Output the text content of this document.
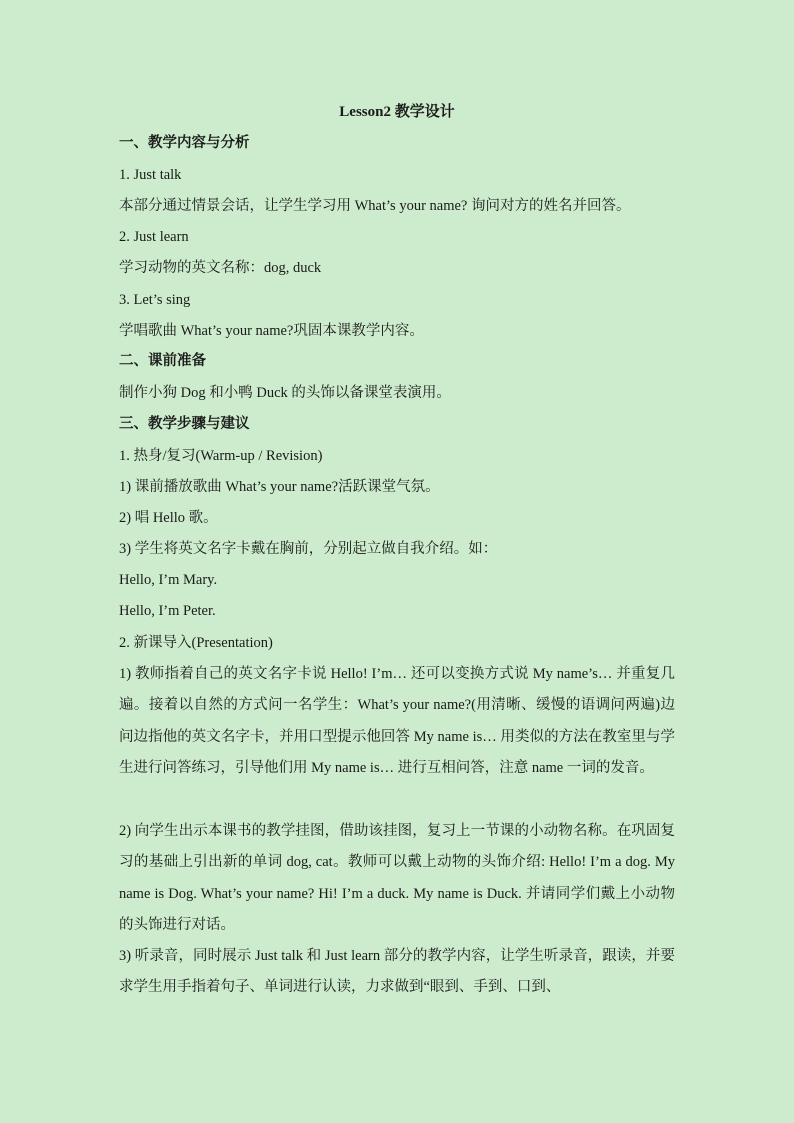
Lesson2 教学设计
一、教学内容与分析
1. Just talk
本部分通过情景会话，让学生学习用 What’s your name? 询问对方的姓名并回答。
2. Just learn
学习动物的英文名称：dog, duck
3. Let’s sing
学唱歌曲 What’s your name?巩固本课教学内容。
二、课前准备
制作小狗 Dog 和小鸭 Duck 的头饰以备课堂表演用。
三、教学步骤与建议
1. 热身/复习(Warm-up / Revision)
1) 课前播放歌曲 What’s your name?活跃课堂气氛。
2) 唱 Hello 歌。
3) 学生将英文名字卡戴在胸前，分别起立做自我介绍。如：
Hello, I’m Mary.
Hello, I’m Peter.
2. 新课导入(Presentation)
1) 教师指着自己的英文名字卡说 Hello! I’m… 还可以变换方式说 My name’s… 并重复几遍。接着以自然的方式问一名学生：What’s your name?(用清晰、缓慢的语调问两遍)边问边指他的英文名字卡，并用口型提示他回答 My name is… 用类似的方法在教室里与学生进行问答练习，引导他们用 My name is… 进行互相问答，注意 name 一词的发音。
2) 向学生出示本课书的教学挂图，借助该挂图，复习上一节课的小动物名称。在巩固复习的基础上引出新的单词 dog, cat。教师可以戴上动物的头饰介绍: Hello! I’m a dog. My name is Dog. What’s your name? Hi! I’m a duck. My name is Duck. 并请同学们戴上小动物的头饰进行对话。
3) 听录音，同时展示 Just talk 和 Just learn 部分的教学内容，让学生听录音，跟读，并要求学生用手指着句子、单词进行认读，力求做到“眼到、手到、口到、
